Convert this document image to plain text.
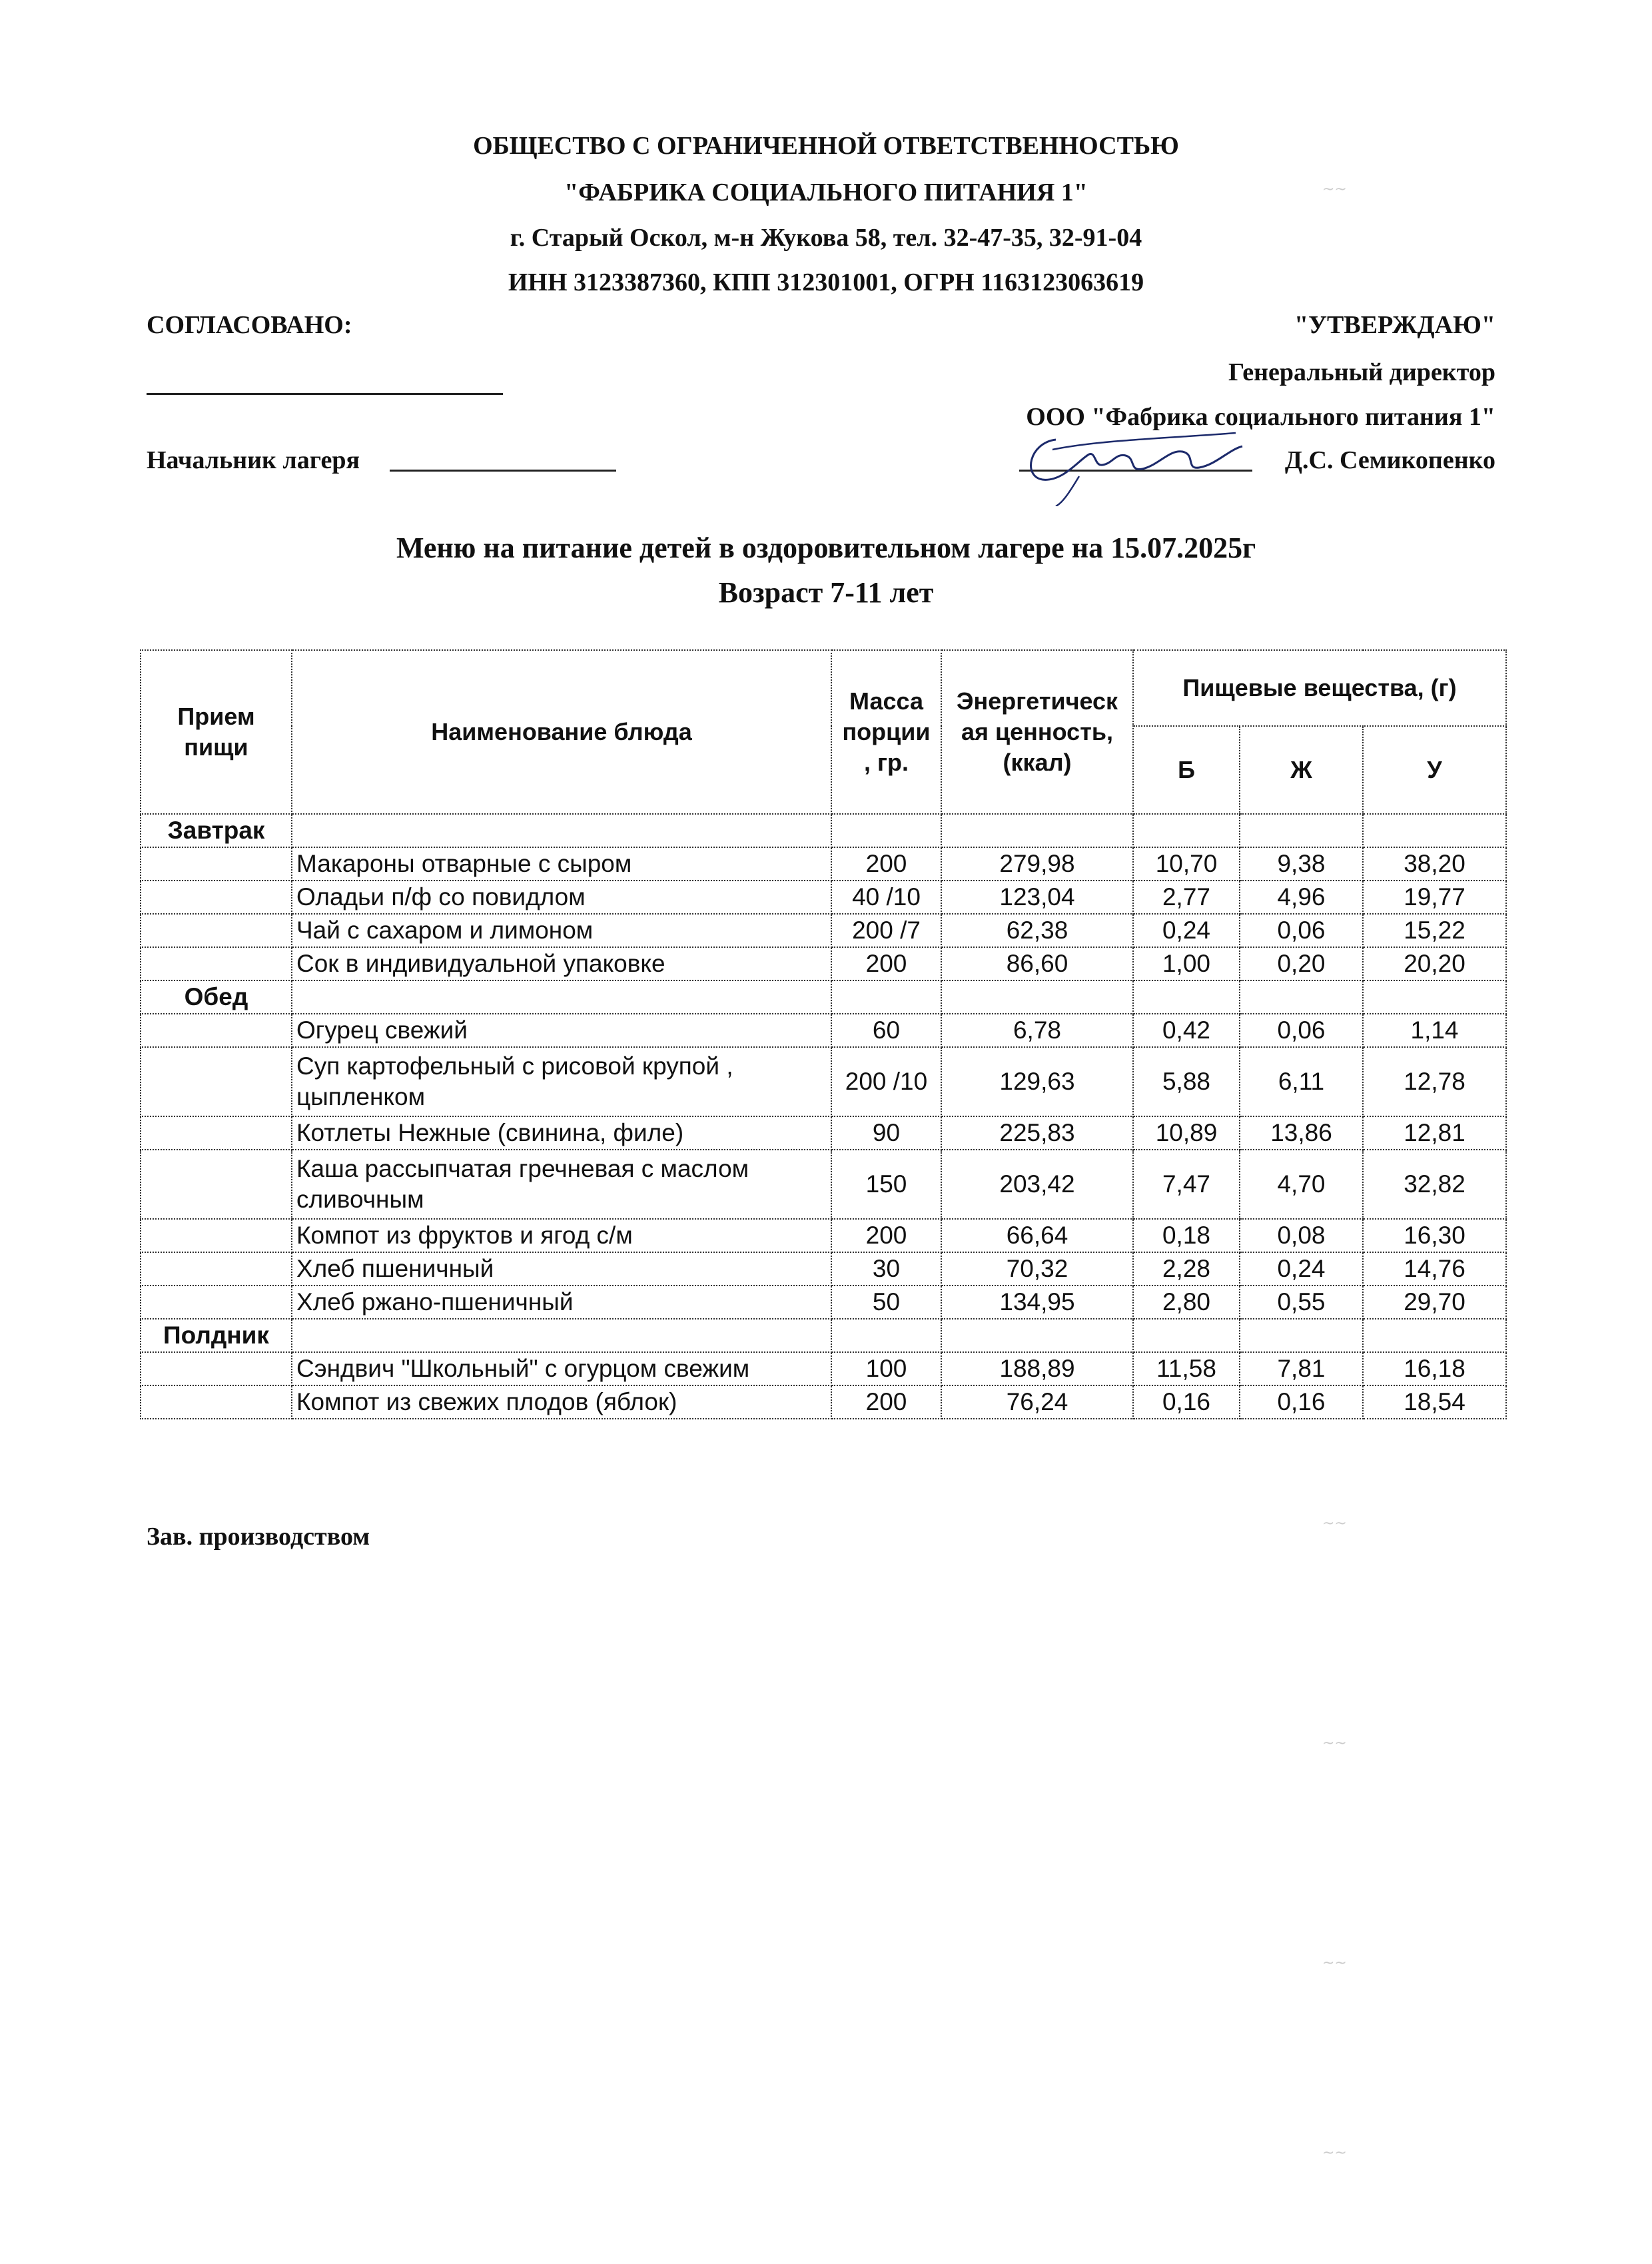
ОБЩЕСТВО С ОГРАНИЧЕННОЙ ОТВЕТСТВЕННОСТЬЮ
"ФАБРИКА СОЦИАЛЬНОГО ПИТАНИЯ 1"
г. Старый Оскол, м-н Жукова 58, тел. 32-47-35, 32-91-04
ИНН 3123387360, КПП 312301001, ОГРН 1163123063619
СОГЛАСОВАНО:	"УТВЕРЖДАЮ"
Генеральный директор
ООО "Фабрика социального питания 1"
Начальник лагеря	Д.С. Семикопенко
Меню на питание детей в оздоровительном лагере на 15.07.2025г
Возраст 7-11 лет
Прием пищи	Наименование блюда	Масса порции , гр.	Энергетическ ая ценность, (ккал)	Пищевые вещества, (г)		
				Б	Ж	У
Завтрак						
	Макароны отварные с сыром	200	279,98	10,70	9,38	38,20
	Оладьи п/ф со повидлом	40 /10	123,04	2,77	4,96	19,77
	Чай с сахаром и лимоном	200 /7	62,38	0,24	0,06	15,22
	Сок в индивидуальной упаковке	200	86,60	1,00	0,20	20,20
Обед						
	Огурец свежий	60	6,78	0,42	0,06	1,14
	Суп картофельный с рисовой крупой , цыпленком	200 /10	129,63	5,88	6,11	12,78
	Котлеты Нежные (свинина, филе)	90	225,83	10,89	13,86	12,81
	Каша рассыпчатая гречневая с маслом сливочным	150	203,42	7,47	4,70	32,82
	Компот из фруктов и ягод с/м	200	66,64	0,18	0,08	16,30
	Хлеб пшеничный	30	70,32	2,28	0,24	14,76
	Хлеб ржано-пшеничный	50	134,95	2,80	0,55	29,70
Полдник						
	Сэндвич "Школьный" с огурцом свежим	100	188,89	11,58	7,81	16,18
	Компот из свежих плодов (яблок)	200	76,24	0,16	0,16	18,54
Зав. производством
~~
~~
~~
~~
~~
